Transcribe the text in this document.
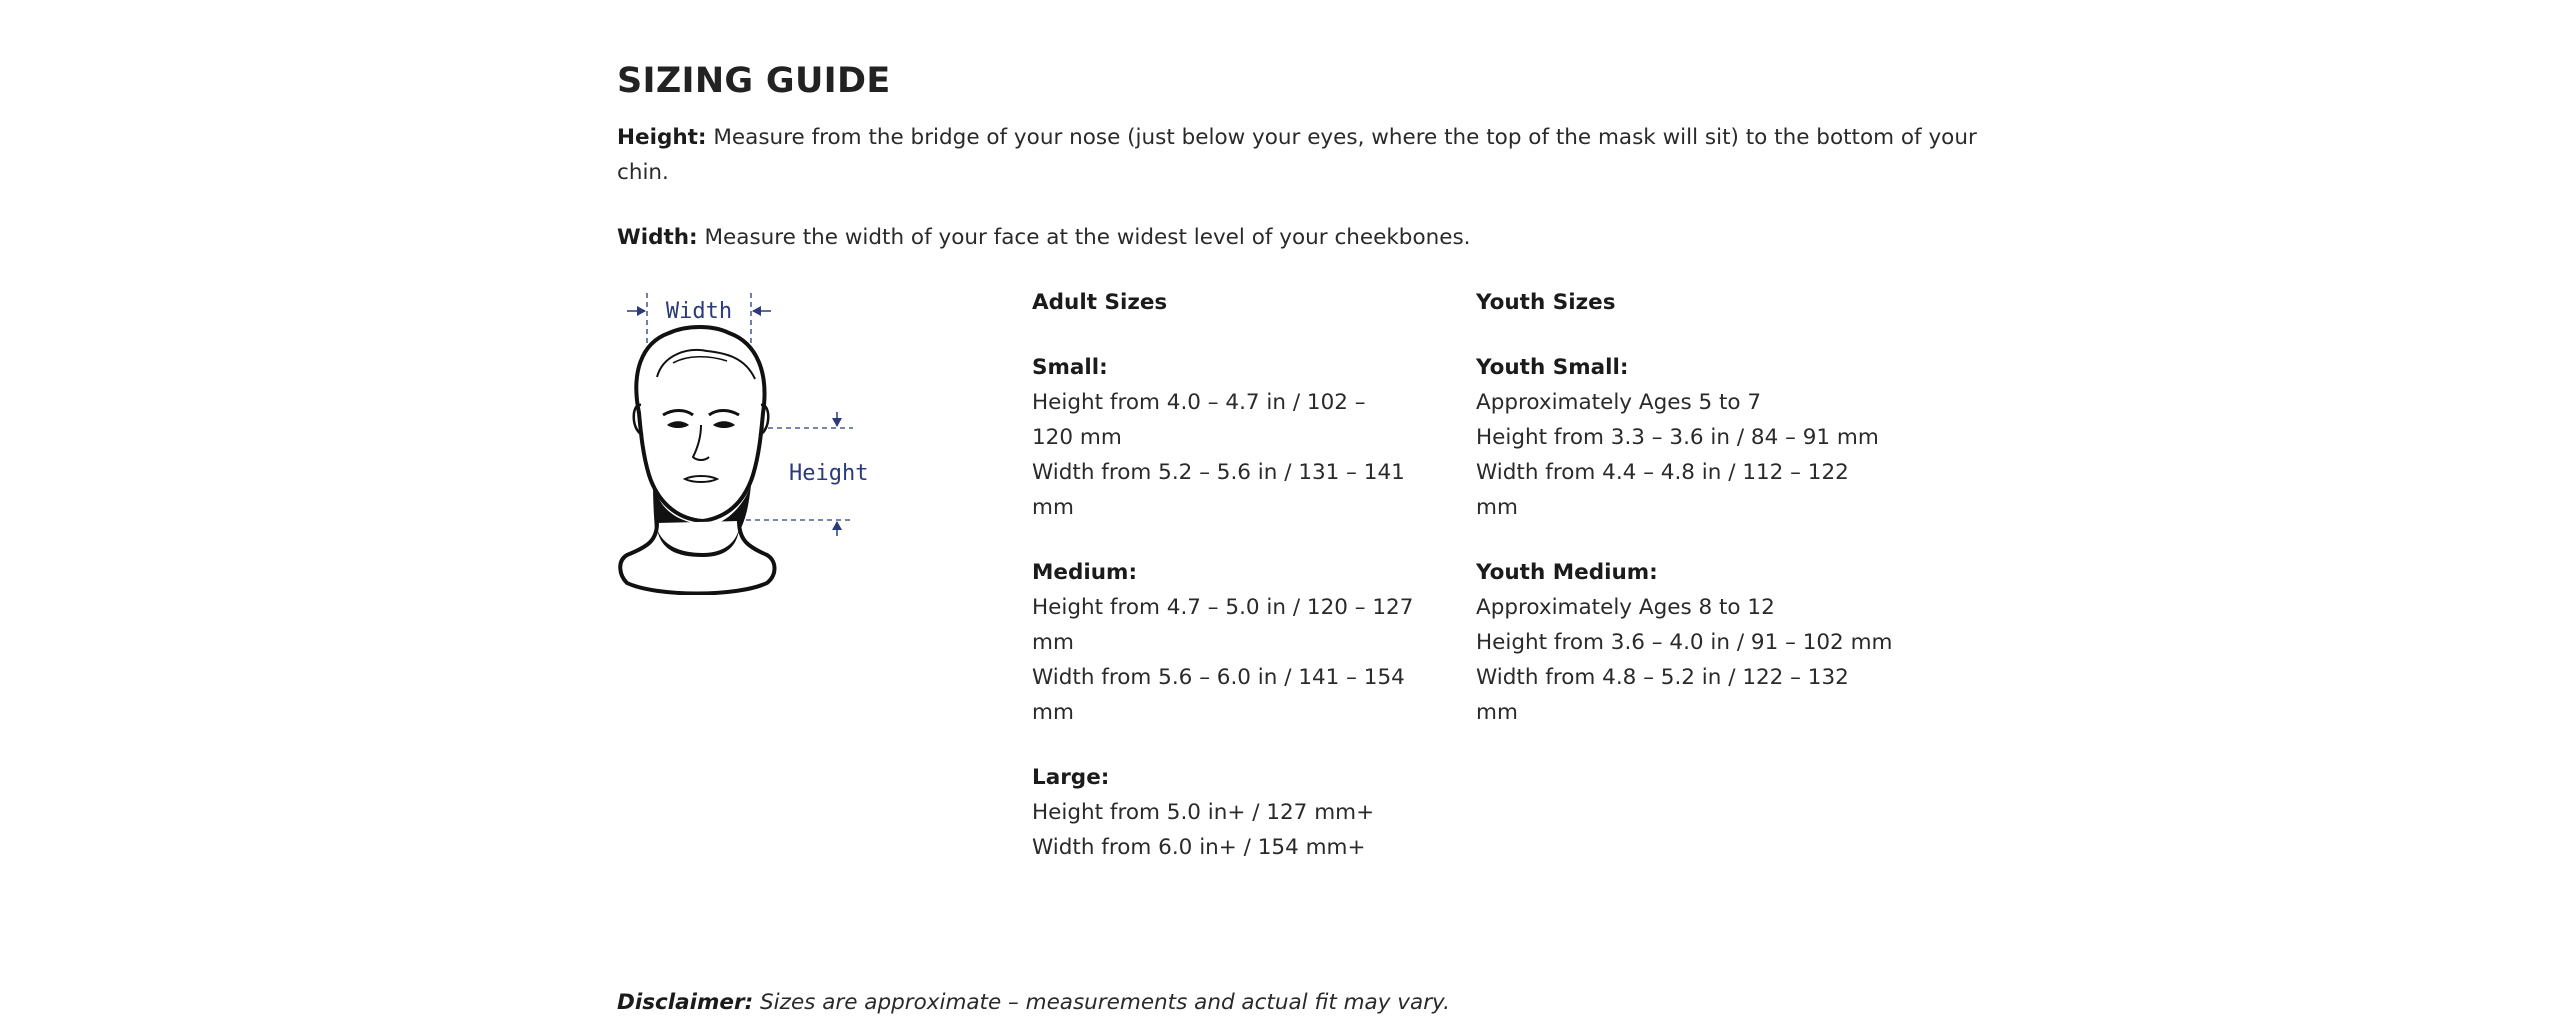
SIZING GUIDE

Height: Measure from the bridge of your nose (just below your eyes, where the top of the mask will sit) to the bottom of your chin.

Width: Measure the width of your face at the widest level of your cheekbones.

Width
Height
Adult Sizes
Small:
Height from 4.0 – 4.7 in / 102 – 120 mm
Width from 5.2 – 5.6 in / 131 – 141 mm
Medium:
Height from 4.7 – 5.0 in / 120 – 127 mm
Width from 5.6 – 6.0 in / 141 – 154 mm
Large:
Height from 5.0 in+ / 127 mm+
Width from 6.0 in+ / 154 mm+
Youth Sizes
Youth Small:
Approximately Ages 5 to 7
Height from 3.3 – 3.6 in / 84 – 91 mm
Width from 4.4 – 4.8 in / 112 – 122 mm
Youth Medium:
Approximately Ages 8 to 12
Height from 3.6 – 4.0 in / 91 – 102 mm
Width from 4.8 – 5.2 in / 122 – 132 mm

Disclaimer: Sizes are approximate – measurements and actual fit may vary.
